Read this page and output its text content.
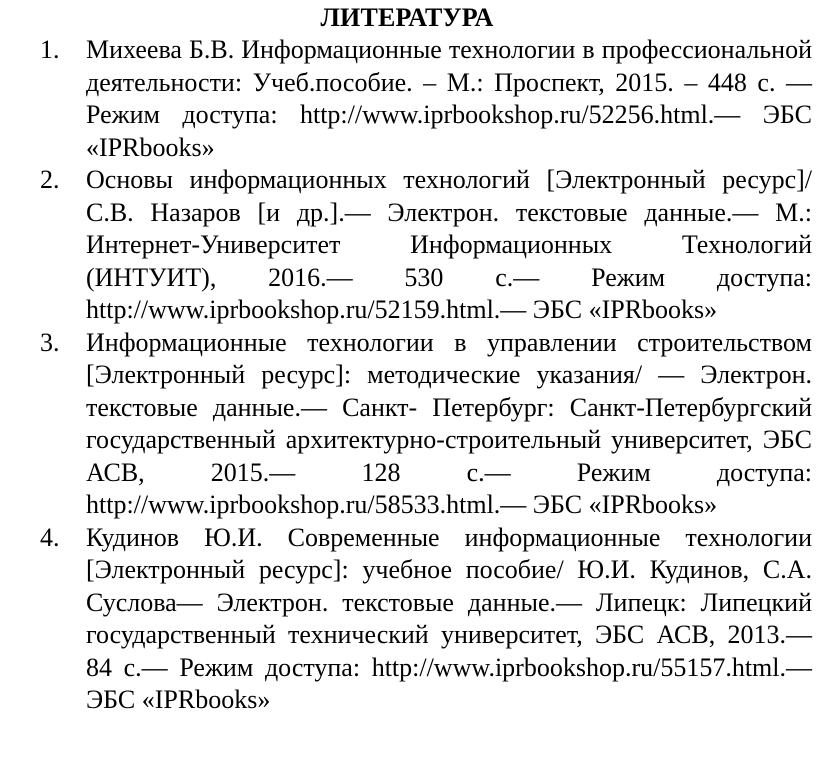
ЛИТЕРАТУРА
1. Михеева Б.В. Информационные технологии в профессиональной деятельности: Учеб.пособие. – М.: Проспект, 2015. – 448 с. — Режим доступа: http://www.iprbookshop.ru/52256.html.— ЭБС «IPRbooks»
2. Основы информационных технологий [Электронный ресурс]/ С.В. Назаров [и др.].— Электрон. текстовые данные.— М.: Интернет-Университет Информационных Технологий (ИНТУИТ), 2016.— 530 с.— Режим доступа: http://www.iprbookshop.ru/52159.html.— ЭБС «IPRbooks»
3. Информационные технологии в управлении строительством [Электронный ресурс]: методические указания/ — Электрон. текстовые данные.— Санкт- Петербург: Санкт-Петербургский государственный архитектурно-строительный университет, ЭБС АСВ, 2015.— 128 с.— Режим доступа: http://www.iprbookshop.ru/58533.html.— ЭБС «IPRbooks»
4. Кудинов Ю.И. Современные информационные технологии [Электронный ресурс]: учебное пособие/ Ю.И. Кудинов, С.А. Суслова— Электрон. текстовые данные.— Липецк: Липецкий государственный технический университет, ЭБС АСВ, 2013.— 84 с.— Режим доступа: http://www.iprbookshop.ru/55157.html.— ЭБС «IPRbooks»
